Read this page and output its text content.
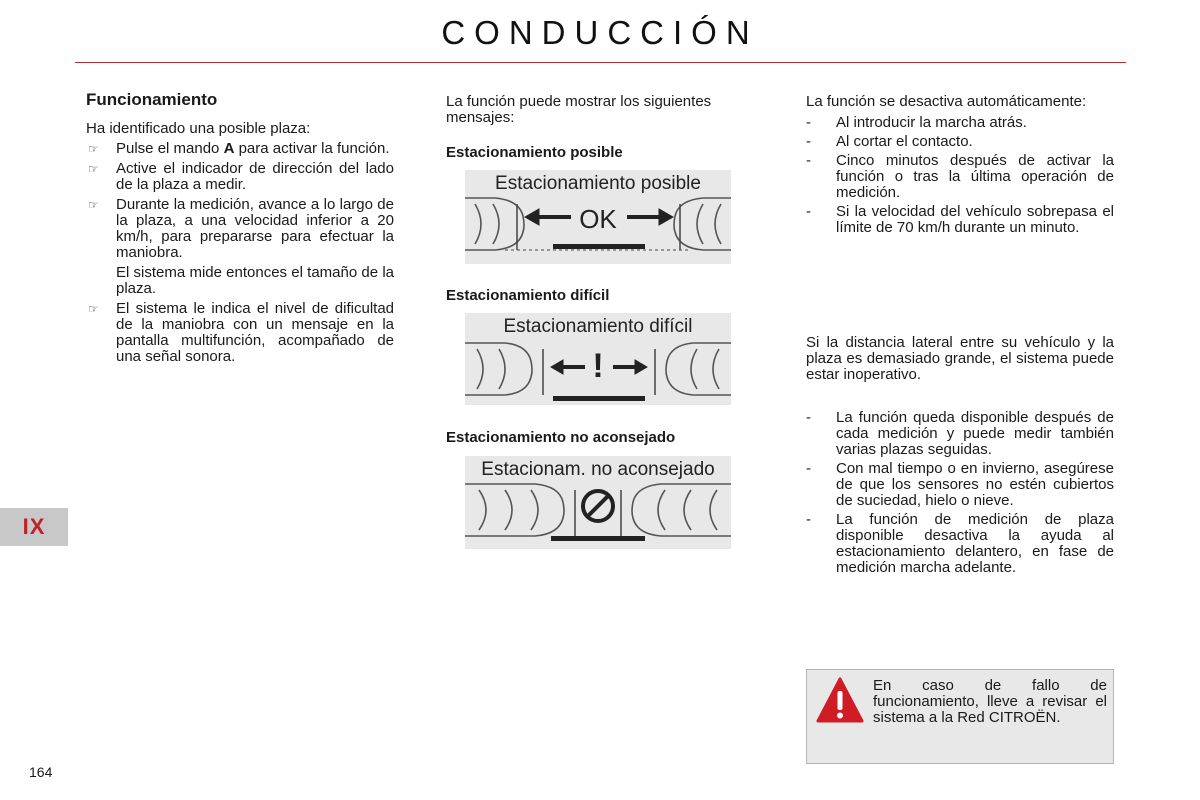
CONDUCCIÓN
IX
164

Funcionamiento

Ha identificado una posible plaza:

☞ Pulse el mando A para activar la función.

☞ Active el indicador de dirección del lado de la plaza a medir.

☞ Durante la medición, avance a lo largo de la plaza, a una velocidad inferior a 20 km/h, para prepararse para efectuar la maniobra.

El sistema mide entonces el tamaño de la plaza.

☞ El sistema le indica el nivel de dificultad de la maniobra con un mensaje en la pantalla multifunción, acompañado de una señal sonora.

La función puede mostrar los siguientes mensajes:

Estacionamiento posible
Estacionamiento difícil
Estacionamiento no aconsejado
Estacionamiento posible
OK
Estacionamiento difícil
!
Estacionam. no aconsejado

La función se desactiva automáticamente:

- Al introducir la marcha atrás.

- Al cortar el contacto.

- Cinco minutos después de activar la función o tras la última operación de medición.

- Si la velocidad del vehículo sobrepasa el límite de 70 km/h durante un minuto.

Si la distancia lateral entre su vehículo y la plaza es demasiado grande, el sistema puede estar inoperativo.

- La función queda disponible después de cada medición y puede medir también varias plazas seguidas.

- Con mal tiempo o en invierno, asegúrese de que los sensores no estén cubiertos de suciedad, hielo o nieve.

- La función de medición de plaza disponible desactiva la ayuda al estacionamiento delantero, en fase de medición marcha adelante.

En caso de fallo de funcionamiento, lleve a revisar el sistema a la Red CITROËN.
